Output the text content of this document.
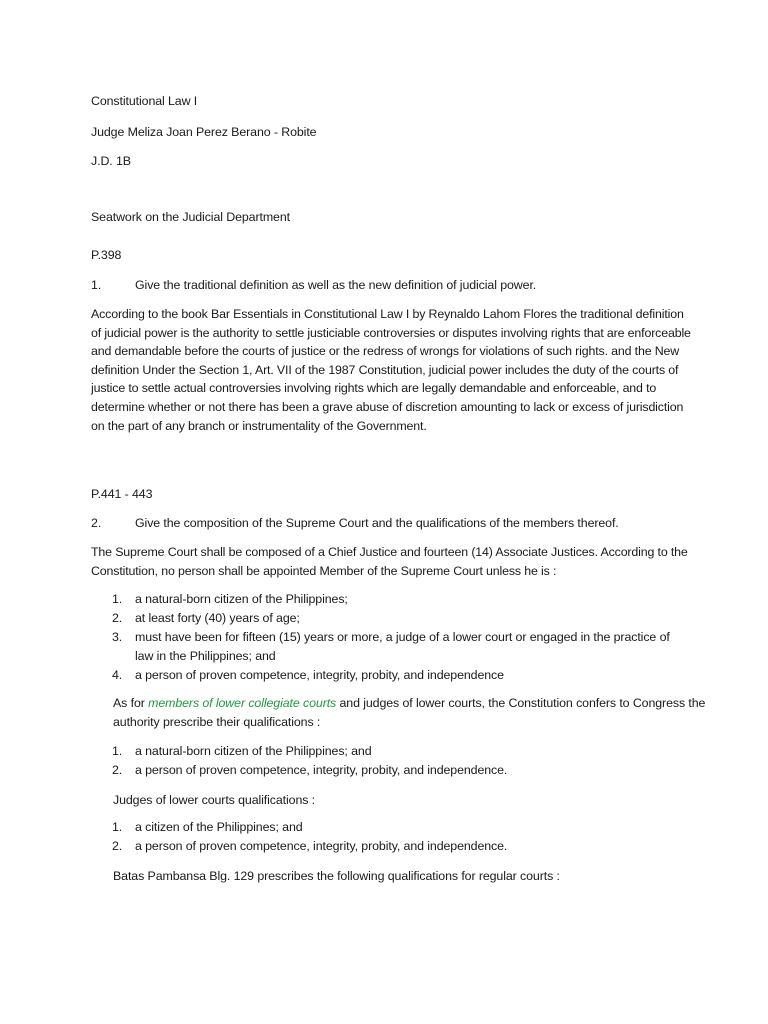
Constitutional Law I
Judge Meliza Joan Perez Berano - Robite
J.D. 1B
Seatwork on the Judicial Department
P.398
1.	Give the traditional definition as well as the new definition of judicial power.
According to the book Bar Essentials in Constitutional Law I by Reynaldo Lahom Flores the traditional definition of judicial power is the authority to settle justiciable controversies or disputes involving rights that are enforceable and demandable before the courts of justice or the redress of wrongs for violations of such rights. and the New definition Under the Section 1, Art. VII of the 1987 Constitution, judicial power includes the duty of the courts of justice to settle actual controversies involving rights which are legally demandable and enforceable, and to determine whether or not there has been a grave abuse of discretion amounting to lack or excess of jurisdiction on the part of any branch or instrumentality of the Government.
P.441 - 443
2.	Give the composition of the Supreme Court and the qualifications of the members thereof.
The Supreme Court shall be composed of a Chief Justice and fourteen (14) Associate Justices. According to the Constitution, no person shall be appointed Member of the Supreme Court unless he is :
1. a natural-born citizen of the Philippines;
2. at least forty (40) years of age;
3. must have been for fifteen (15) years or more, a judge of a lower court or engaged in the practice of law in the Philippines; and
4. a person of proven competence, integrity, probity, and independence
As for members of lower collegiate courts and judges of lower courts, the Constitution confers to Congress the authority prescribe their qualifications :
1. a natural-born citizen of the Philippines; and
2. a person of proven competence, integrity, probity, and independence.
Judges of lower courts qualifications :
1. a citizen of the Philippines; and
2. a person of proven competence, integrity, probity, and independence.
Batas Pambansa Blg. 129 prescribes the following qualifications for regular courts :
